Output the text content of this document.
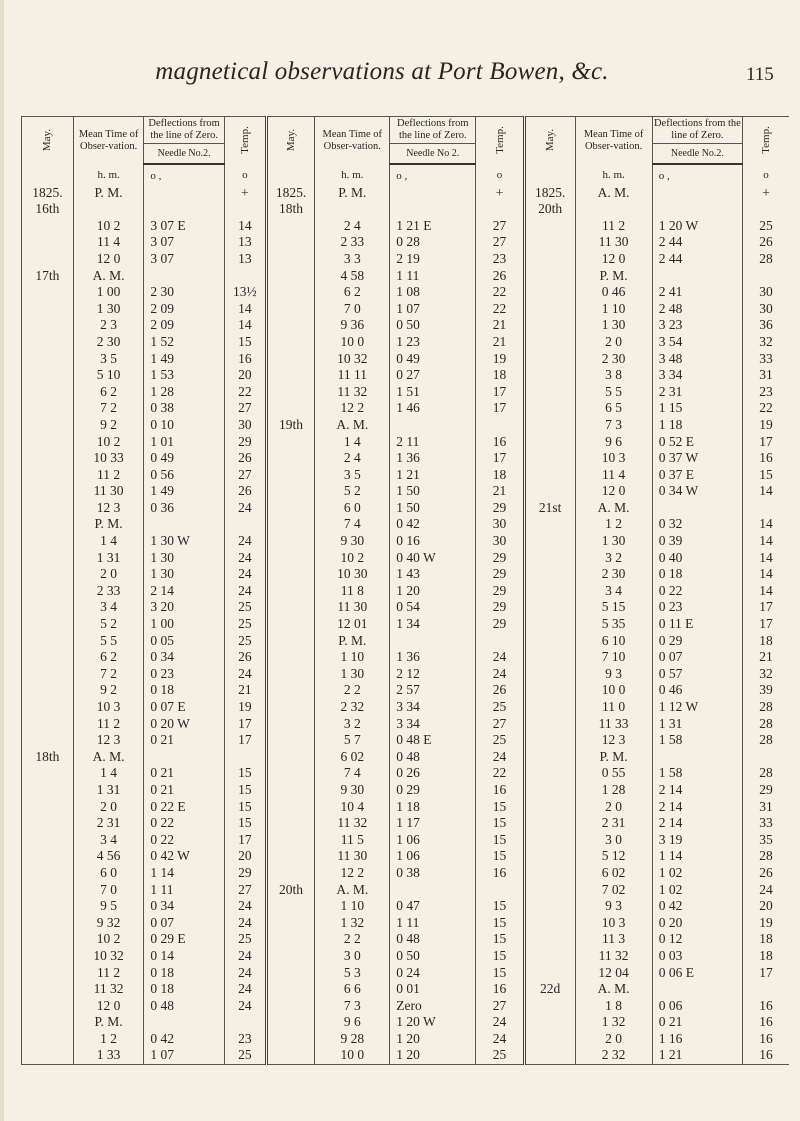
magnetical observations at Port Bowen, &c.	115
May.	Mean Time of Obser-vation.	Deflections from the line of Zero.	Temp.	May.	Mean Time of Obser-vation.	Deflections from the line of Zero.	Temp.	May.	Mean Time of Obser-vation.	Deflections from the line of Zero.	Temp.
		Needle No.2.				Needle No 2.				Needle No.2.	
	h. m.	o ,	o		h. m.	o ,	o		h. m.	o ,	o
1825.	P. M.		+	1825.	P. M.		+	1825.	A. M.		+
16th				18th				20th			
	10 2	3 07 E	14		2 4	1 21 E	27		11 2	1 20 W	25
	11 4	3 07	13		2 33	0 28	27		11 30	2 44	26
	12 0	3 07	13		3 3	2 19	23		12 0	2 44	28
17th	A. M.				4 58	1 11	26		P. M.		
	1 00	2 30	13½		6 2	1 08	22		0 46	2 41	30
	1 30	2 09	14		7 0	1 07	22		1 10	2 48	30
	2 3	2 09	14		9 36	0 50	21		1 30	3 23	36
	2 30	1 52	15		10 0	1 23	21		2 0	3 54	32
	3 5	1 49	16		10 32	0 49	19		2 30	3 48	33
	5 10	1 53	20		11 11	0 27	18		3 8	3 34	31
	6 2	1 28	22		11 32	1 51	17		5 5	2 31	23
	7 2	0 38	27		12 2	1 46	17		6 5	1 15	22
	9 2	0 10	30	19th	A. M.				7 3	1 18	19
	10 2	1 01	29		1 4	2 11	16		9 6	0 52 E	17
	10 33	0 49	26		2 4	1 36	17		10 3	0 37 W	16
	11 2	0 56	27		3 5	1 21	18		11 4	0 37 E	15
	11 30	1 49	26		5 2	1 50	21		12 0	0 34 W	14
	12 3	0 36	24		6 0	1 50	29	21st	A. M.		
	P. M.				7 4	0 42	30		1 2	0 32	14
	1 4	1 30 W	24		9 30	0 16	30		1 30	0 39	14
	1 31	1 30	24		10 2	0 40 W	29		3 2	0 40	14
	2 0	1 30	24		10 30	1 43	29		2 30	0 18	14
	2 33	2 14	24		11 8	1 20	29		3 4	0 22	14
	3 4	3 20	25		11 30	0 54	29		5 15	0 23	17
	5 2	1 00	25		12 01	1 34	29		5 35	0 11 E	17
	5 5	0 05	25		P. M.				6 10	0 29	18
	6 2	0 34	26		1 10	1 36	24		7 10	0 07	21
	7 2	0 23	24		1 30	2 12	24		9 3	0 57	32
	9 2	0 18	21		2 2	2 57	26		10 0	0 46	39
	10 3	0 07 E	19		2 32	3 34	25		11 0	1 12 W	28
	11 2	0 20 W	17		3 2	3 34	27		11 33	1 31	28
	12 3	0 21	17		5 7	0 48 E	25		12 3	1 58	28
18th	A. M.				6 02	0 48	24		P. M.		
	1 4	0 21	15		7 4	0 26	22		0 55	1 58	28
	1 31	0 21	15		9 30	0 29	16		1 28	2 14	29
	2 0	0 22 E	15		10 4	1 18	15		2 0	2 14	31
	2 31	0 22	15		11 32	1 17	15		2 31	2 14	33
	3 4	0 22	17		11 5	1 06	15		3 0	3 19	35
	4 56	0 42 W	20		11 30	1 06	15		5 12	1 14	28
	6 0	1 14	29		12 2	0 38	16		6 02	1 02	26
	7 0	1 11	27	20th	A. M.				7 02	1 02	24
	9 5	0 34	24		1 10	0 47	15		9 3	0 42	20
	9 32	0 07	24		1 32	1 11	15		10 3	0 20	19
	10 2	0 29 E	25		2 2	0 48	15		11 3	0 12	18
	10 32	0 14	24		3 0	0 50	15		11 32	0 03	18
	11 2	0 18	24		5 3	0 24	15		12 04	0 06 E	17
	11 32	0 18	24		6 6	0 01	16	22d	A. M.		
	12 0	0 48	24		7 3	Zero	27		1 8	0 06	16
	P. M.				9 6	1 20 W	24		1 32	0 21	16
	1 2	0 42	23		9 28	1 20	24		2 0	1 16	16
	1 33	1 07	25		10 0	1 20	25		2 32	1 21	16
